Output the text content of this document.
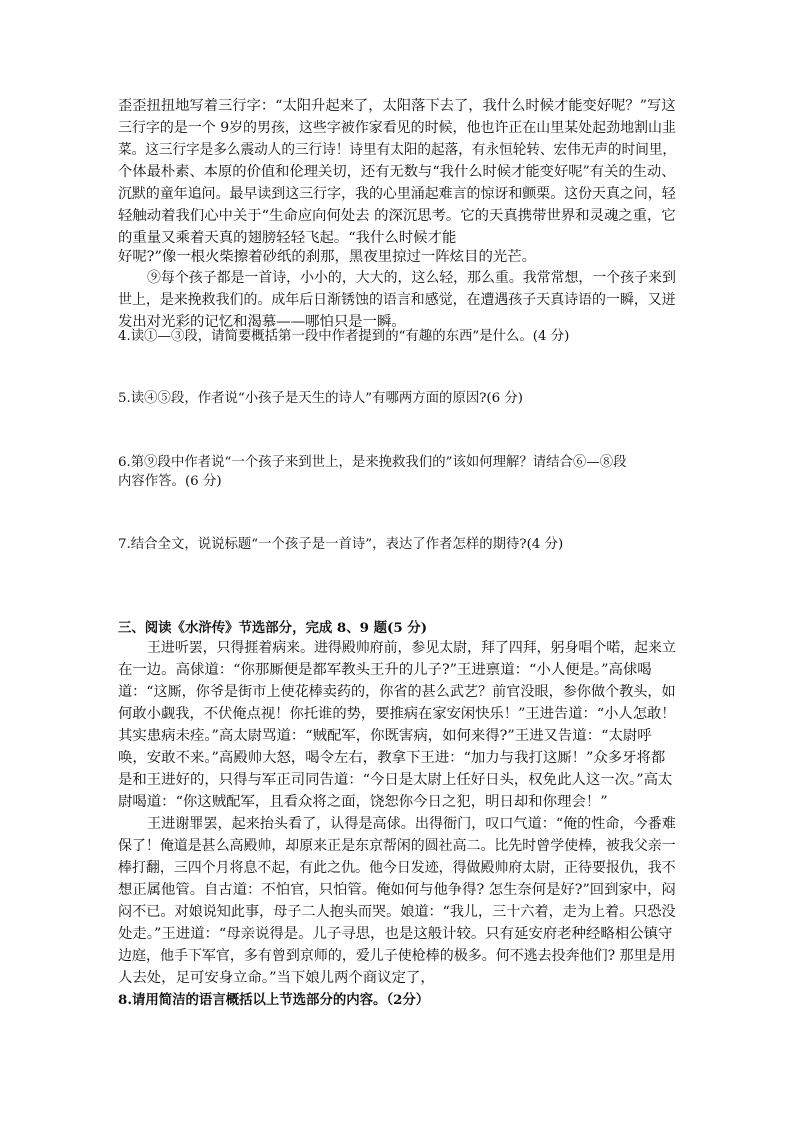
歪歪扭扭地写着三行字：“太阳升起来了，太阳落下去了，我什么时候才能变好呢？”写这
三行字的是一个 9岁的男孩，这些字被作家看见的时候，他也许正在山里某处起劲地割山韭
菜。这三行字是多么震动人的三行诗！诗里有太阳的起落，有永恒轮转、宏伟无声的时间里，
个体最朴素、本原的价值和伦理关切，还有无数与“我什么时候才能变好呢”有关的生动、
沉默的童年追问。最早读到这三行字，我的心里涌起难言的惊讶和颤栗。这份天真之问，轻
轻触动着我们心中关于“生命应向何处去 的深沉思考。它的天真携带世界和灵魂之重，它
的重量又乘着天真的翅膀轻轻飞起。“我什么时候才能
好呢?”像一根火柴擦着砂纸的刹那，黑夜里掠过一阵炫目的光芒。
⑨每个孩子都是一首诗，小小的，大大的，这么轻，那么重。我常常想，一个孩子来到
世上，是来挽救我们的。成年后日渐锈蚀的语言和感觉，在遭遇孩子天真诗语的一瞬，又迸
发出对光彩的记忆和渴慕——哪怕只是一瞬。
4.读①—③段，请简要概括第一段中作者提到的“有趣的东西”是什么。(4 分)
5.读④⑤段，作者说“小孩子是天生的诗人”有哪两方面的原因?(6 分)
6.第⑨段中作者说“一个孩子来到世上，是来挽救我们的”该如何理解？请结合⑥—⑧段
内容作答。(6 分)
7.结合全文，说说标题“一个孩子是一首诗”，表达了作者怎样的期待?(4 分)
三、阅读《水浒传》节选部分，完成 8、9 题(5 分)
王进听罢，只得捱着病来。进得殿帅府前，参见太尉，拜了四拜，躬身唱个喏，起来立
在一边。高俅道：“你那厮便是都军教头王升的儿子?”王进禀道：“小人便是。”高俅喝
道：“这厮，你爷是街市上使花棒卖药的，你省的甚么武艺？前官没眼，参你做个教头，如
何敢小觑我，不伏俺点视！你托谁的势，要推病在家安闲快乐！”王进告道：“小人怎敢！
其实患病未痊。”高太尉骂道：“贼配军，你既害病，如何来得?”王进又告道：“太尉呼
唤，安敢不来。”高殿帅大怒，喝令左右，教拿下王进：“加力与我打这厮！”众多牙将都
是和王进好的，只得与军正司同告道：“今日是太尉上任好日头，权免此人这一次。”高太
尉喝道：“你这贼配军，且看众将之面，饶恕你今日之犯，明日却和你理会！”
王进谢罪罢，起来抬头看了，认得是高俅。出得衙门，叹口气道：“俺的性命，今番难
保了！俺道是甚么高殿帅，却原来正是东京帮闲的圆社高二。比先时曾学使棒，被我父亲一
棒打翻，三四个月将息不起，有此之仇。他今日发迹，得做殿帅府太尉，正待要报仇，我不
想正属他管。自古道：不怕官，只怕管。俺如何与他争得? 怎生奈何是好?”回到家中，闷
闷不已。对娘说知此事，母子二人抱头而哭。娘道：“我儿，三十六着，走为上着。只恐没
处走。”王进道：“母亲说得是。儿子寻思，也是这般计较。只有延安府老种经略相公镇守
边庭，他手下军官，多有曾到京师的，爱儿子使枪棒的极多。何不逃去投奔他们? 那里是用
人去处，足可安身立命。”当下娘儿两个商议定了，
8.请用简洁的语言概括以上节选部分的内容。（2分）
